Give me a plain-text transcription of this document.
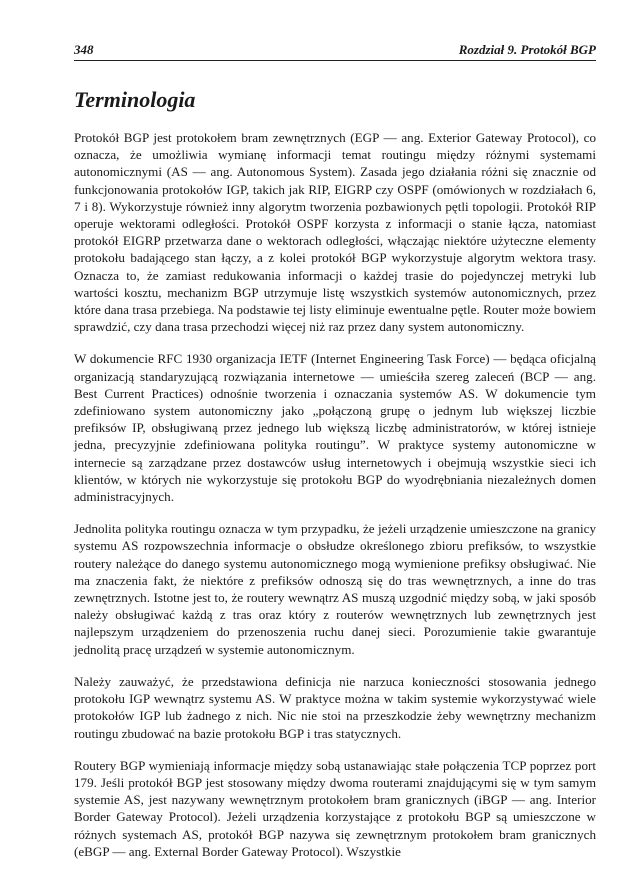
348	Rozdział 9. Protokół BGP
Terminologia

Protokół BGP jest protokołem bram zewnętrznych (EGP — ang. Exterior Gateway Protocol), co oznacza, że umożliwia wymianę informacji temat routingu między różnymi systemami autonomicznymi (AS — ang. Autonomous System). Zasada jego działania różni się znacznie od funkcjonowania protokołów IGP, takich jak RIP, EIGRP czy OSPF (omówionych w rozdziałach 6, 7 i 8). Wykorzystuje również inny algorytm tworzenia pozbawionych pętli topologii. Protokół RIP operuje wektorami odległości. Protokół OSPF korzysta z informacji o stanie łącza, natomiast protokół EIGRP przetwarza dane o wektorach odległości, włączając niektóre użyteczne elementy protokołu badającego stan łączy, a z kolei protokół BGP wykorzystuje algorytm wektora trasy. Oznacza to, że zamiast redukowania informacji o każdej trasie do pojedynczej metryki lub wartości kosztu, mechanizm BGP utrzymuje listę wszystkich systemów autonomicznych, przez które dana trasa przebiega. Na podstawie tej listy eliminuje ewentualne pętle. Router może bowiem sprawdzić, czy dana trasa przechodzi więcej niż raz przez dany system autonomiczny.

W dokumencie RFC 1930 organizacja IETF (Internet Engineering Task Force) — będąca oficjalną organizacją standaryzującą rozwiązania internetowe — umieściła szereg zaleceń (BCP — ang. Best Current Practices) odnośnie tworzenia i oznaczania systemów AS. W dokumencie tym zdefiniowano system autonomiczny jako „połączoną grupę o jednym lub większej liczbie prefiksów IP, obsługiwaną przez jednego lub większą liczbę administratorów, w której istnieje jedna, precyzyjnie zdefiniowana polityka routingu”. W praktyce systemy autonomiczne w internecie są zarządzane przez dostawców usług internetowych i obejmują wszystkie sieci ich klientów, w których nie wykorzystuje się protokołu BGP do wyodrębniania niezależnych domen administracyjnych.

Jednolita polityka routingu oznacza w tym przypadku, że jeżeli urządzenie umieszczone na granicy systemu AS rozpowszechnia informacje o obsłudze określonego zbioru prefiksów, to wszystkie routery należące do danego systemu autonomicznego mogą wymienione prefiksy obsługiwać. Nie ma znaczenia fakt, że niektóre z prefiksów odnoszą się do tras wewnętrznych, a inne do tras zewnętrznych. Istotne jest to, że routery wewnątrz AS muszą uzgodnić między sobą, w jaki sposób należy obsługiwać każdą z tras oraz który z routerów wewnętrznych lub zewnętrznych jest najlepszym urządzeniem do przenoszenia ruchu danej sieci. Porozumienie takie gwarantuje jednolitą pracę urządzeń w systemie autonomicznym.

Należy zauważyć, że przedstawiona definicja nie narzuca konieczności stosowania jednego protokołu IGP wewnątrz systemu AS. W praktyce można w takim systemie wykorzystywać wiele protokołów IGP lub żadnego z nich. Nic nie stoi na przeszkodzie żeby wewnętrzny mechanizm routingu zbudować na bazie protokołu BGP i tras statycznych.

Routery BGP wymieniają informacje między sobą ustanawiając stałe połączenia TCP poprzez port 179. Jeśli protokół BGP jest stosowany między dwoma routerami znajdującymi się w tym samym systemie AS, jest nazywany wewnętrznym protokołem bram granicznych (iBGP — ang. Interior Border Gateway Protocol). Jeżeli urządzenia korzystające z protokołu BGP są umieszczone w różnych systemach AS, protokół BGP nazywa się zewnętrznym protokołem bram granicznych (eBGP — ang. External Border Gateway Protocol). Wszystkie
